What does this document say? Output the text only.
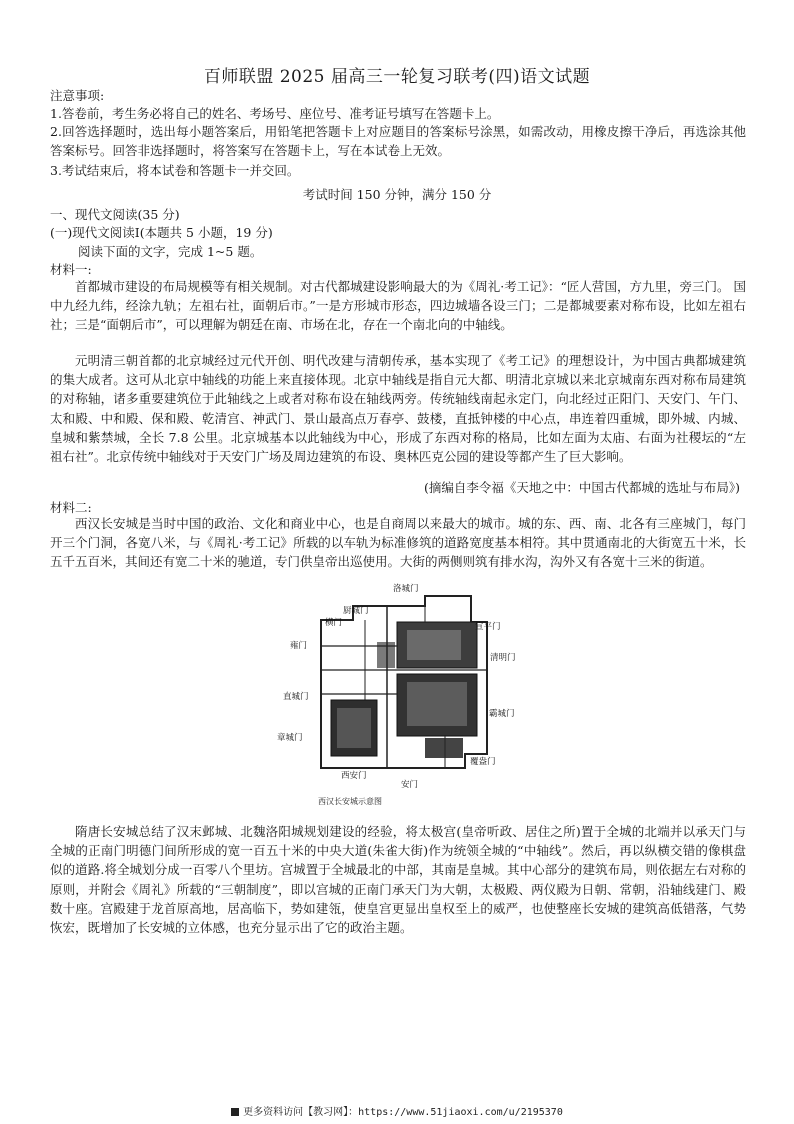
百师联盟 2025 届高三一轮复习联考(四)语文试题
注意事项:
1.答卷前，考生务必将自己的姓名、考场号、座位号、准考证号填写在答题卡上。
2.回答选择题时，选出每小题答案后，用铅笔把答题卡上对应题目的答案标号涂黑，如需改动，用橡皮擦干净后，再选涂其他答案标号。回答非选择题时，将答案写在答题卡上，写在本试卷上无效。
3.考试结束后，将本试卷和答题卡一并交回。
考试时间 150 分钟，满分 150 分
一、现代文阅读(35 分)
(一)现代文阅读Ⅰ(本题共 5 小题，19 分)
阅读下面的文字，完成 1~5 题。
材料一:
首都城市建设的布局规模等有相关规制。对古代都城建设影响最大的为《周礼·考工记》：“匠人营国，方九里，旁三门。 国中九经九纬，经涂九轨；左祖右社，面朝后市。”一是方形城市形态，四边城墙各设三门；二是都城要素对称布设，比如左祖右社；三是“面朝后市”，可以理解为朝廷在南、市场在北，存在一个南北向的中轴线。
元明清三朝首都的北京城经过元代开创、明代改建与清朝传承，基本实现了《考工记》的理想设计，为中国古典都城建筑的集大成者。这可从北京中轴线的功能上来直接体现。北京中轴线是指自元大都、明清北京城以来北京城南东西对称布局建筑的对称轴，诸多重要建筑位于此轴线之上或者对称布设在轴线两旁。传统轴线南起永定门，向北经过正阳门、天安门、午门、太和殿、中和殿、保和殿、乾清宫、神武门、景山最高点万春亭、鼓楼，直抵钟楼的中心点，串连着四重城，即外城、内城、皇城和紫禁城，全长 7.8 公里。北京城基本以此轴线为中心，形成了东西对称的格局，比如左面为太庙、右面为社稷坛的“左祖右社”。北京传统中轴线对于天安门广场及周边建筑的布设、奥林匹克公园的建设等都产生了巨大影响。
(摘编自李令福《天地之中：中国古代都城的选址与布局》)
材料二:
西汉长安城是当时中国的政治、文化和商业中心，也是自商周以来最大的城市。城的东、西、南、北各有三座城门，每门开三个门洞，各宽八米，与《周礼·考工记》所载的以车轨为标准修筑的道路宽度基本相符。其中贯通南北的大街宽五十米，长五千五百米，其间还有宽二十米的驰道，专门供皇帝出巡使用。大街的两侧则筑有排水沟，沟外又有各宽十三米的街道。
洛城门
厨城门
横门	宣平门
雍门
清明门
直城门
霸城门
章城门
覆盎门
西安门
安门
西汉长安城示意图
隋唐长安城总结了汉末邺城、北魏洛阳城规划建设的经验，将太极宫(皇帝听政、居住之所)置于全城的北端并以承天门与全城的正南门明德门间所形成的宽一百五十米的中央大道(朱雀大街)作为统领全城的“中轴线”。然后，再以纵横交错的像棋盘似的道路.将全城划分成一百零八个里坊。宫城置于全城最北的中部，其南是皇城。其中心部分的建筑布局，则依据左右对称的原则，并附会《周礼》所载的“三朝制度”，即以宫城的正南门承天门为大朝，太极殿、两仪殿为日朝、常朝，沿轴线建门、殿数十座。宫殿建于龙首原高地，居高临下，势如建瓴，使皇宫更显出皇权至上的威严，也使整座长安城的建筑高低错落，气势恢宏，既增加了长安城的立体感，也充分显示出了它的政治主题。
更多资料访问【教习网】：https://www.51jiaoxi.com/u/2195370
